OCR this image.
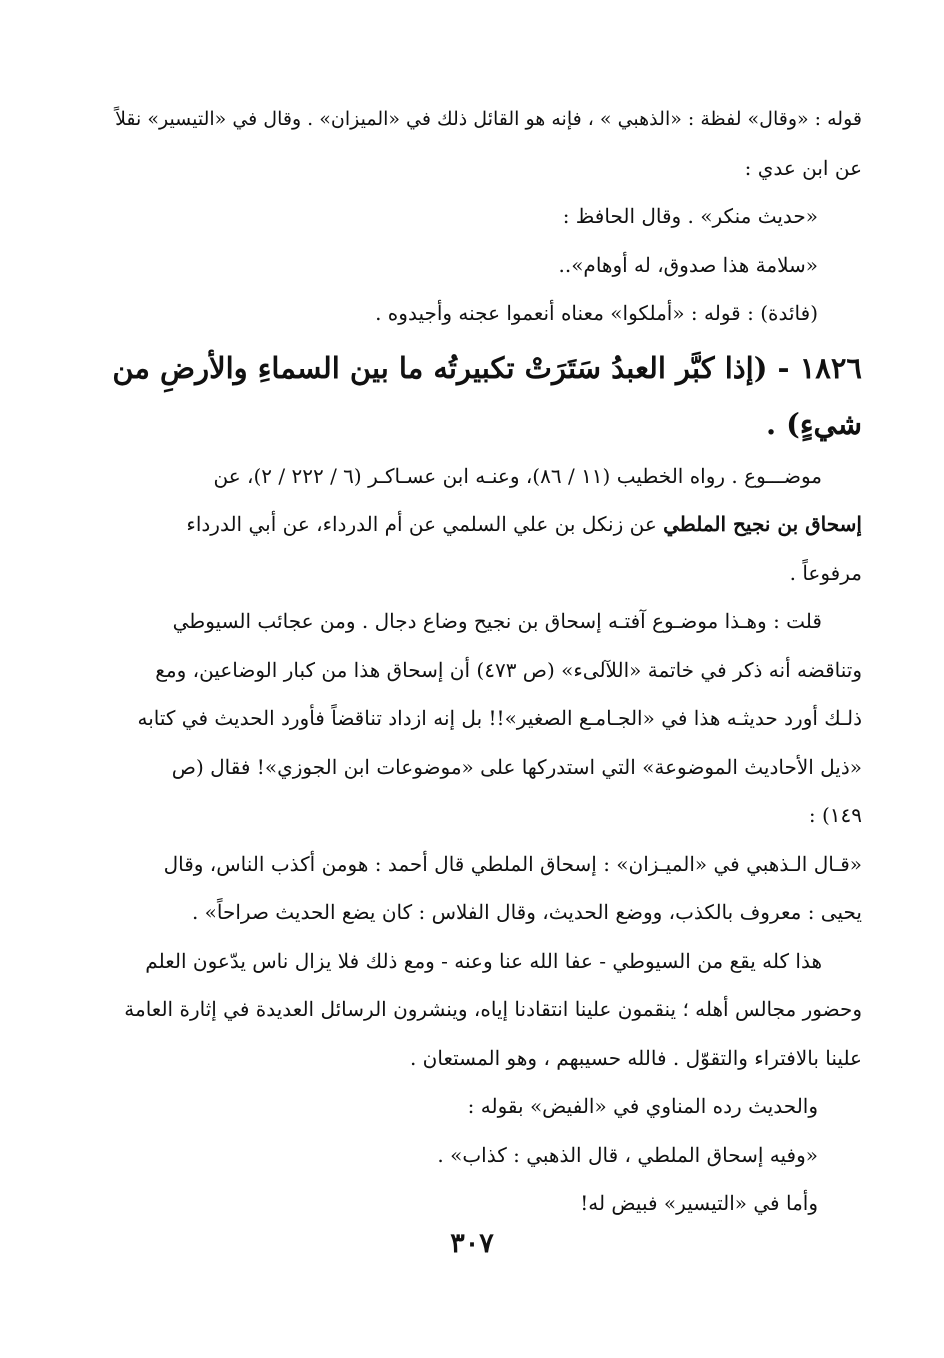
قوله : «وقال» لفظة : «الذهبي » ، فإنه هو القائل ذلك في «الميزان» . وقال في «التيسير» نقلاً
عن ابن عدي :
«حديث منكر» . وقال الحافظ :
«سلامة هذا صدوق، له أوهام»..
(فائدة) : قوله : «أملكوا» معناه أنعموا عجنه وأجيدوه .
١٨٢٦ - (إذا كبَّر العبدُ سَتَرَتْ تكبيرتُه ما بين السماءِ والأرضِ من
شيءٍ) .
موضـــوع . رواه الخطيب (١١ / ٨٦)، وعنـه ابن عسـاكـر (٦ / ٢٢٢ / ٢)، عن
إسحاق بن نجيح الملطي عن زنكل بن علي السلمي عن أم الدرداء، عن أبي الدرداء
مرفوعاً .
قلت : وهـذا موضـوع آفتـه إسحاق بن نجيح وضاع دجال . ومن عجائب السيوطي
وتناقضه أنه ذكر في خاتمة «اللآلىء» (ص ٤٧٣) أن إسحاق هذا من كبار الوضاعين، ومع
ذلـك أورد حديثـه هذا في «الجـامـع الصغير»!! بل إنه ازداد تناقضاً فأورد الحديث في كتابه
«ذيل الأحاديث الموضوعة» التي استدركها على «موضوعات ابن الجوزي»! فقال (ص
١٤٩) :
«قـال الـذهبي في «الميـزان» : إسحاق الملطي قال أحمد : هومن أكذب الناس، وقال
يحيى : معروف بالكذب، ووضع الحديث، وقال الفلاس : كان يضع الحديث صراحاً» .
هذا كله يقع من السيوطي - عفا الله عنا وعنه - ومع ذلك فلا يزال ناس يدّعون العلم
وحضور مجالس أهله ؛ ينقمون علينا انتقادنا إياه، وينشرون الرسائل العديدة في إثارة العامة
علينا بالافتراء والتقوّل . فالله حسيبهم ، وهو المستعان .
والحديث رده المناوي في «الفيض» بقوله :
«وفيه إسحاق الملطي ، قال الذهبي : كذاب» .
وأما في «التيسير» فبيض له!
٣٠٧
